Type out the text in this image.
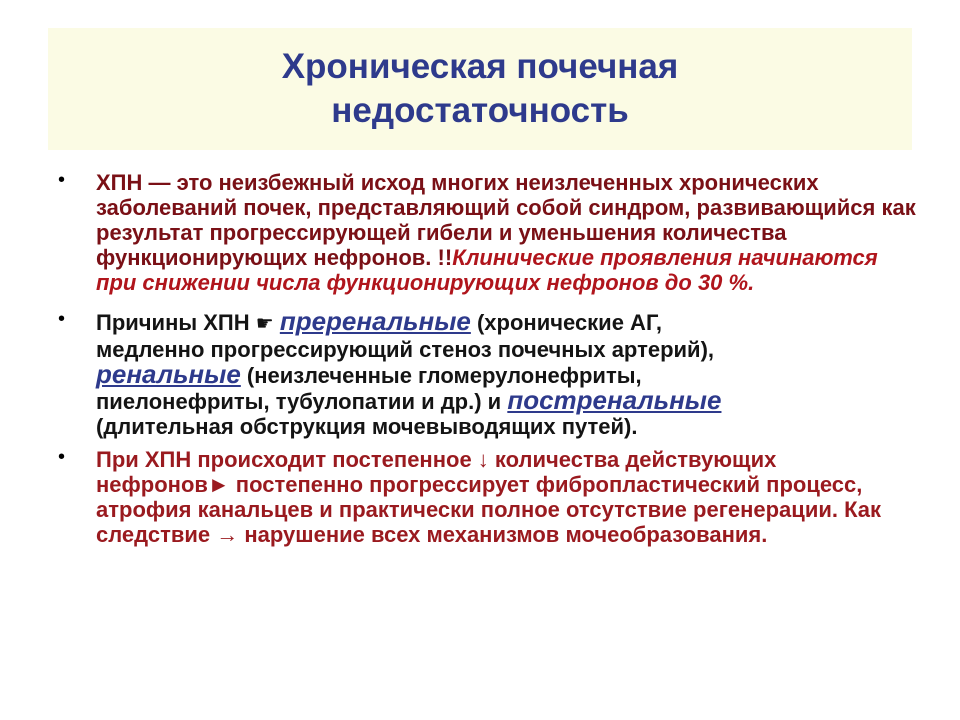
Хроническая почечная
недостаточность
• ХПН — это неизбежный исход многих неизлеченных хронических заболеваний почек, представляющий собой синдром, развивающийся как результат прогрессирующей гибели и уменьшения количества функционирующих нефронов. !!Клинические проявления начинаются при снижении числа функционирующих нефронов до 30 %.
• Причины ХПН ☛ преренальные (хронические АГ,
медленно прогрессирующий стеноз почечных артерий),
ренальные (неизлеченные гломерулонефриты,
пиелонефриты, тубулопатии и др.) и постренальные
(длительная обструкция мочевыводящих путей).
• При ХПН происходит постепенное ↓ количества действующих нефронов► постепенно прогрессирует фибропластический процесс, атрофия канальцев и практически полное отсутствие регенерации. Как следствие → нарушение всех механизмов мочеобразования.
